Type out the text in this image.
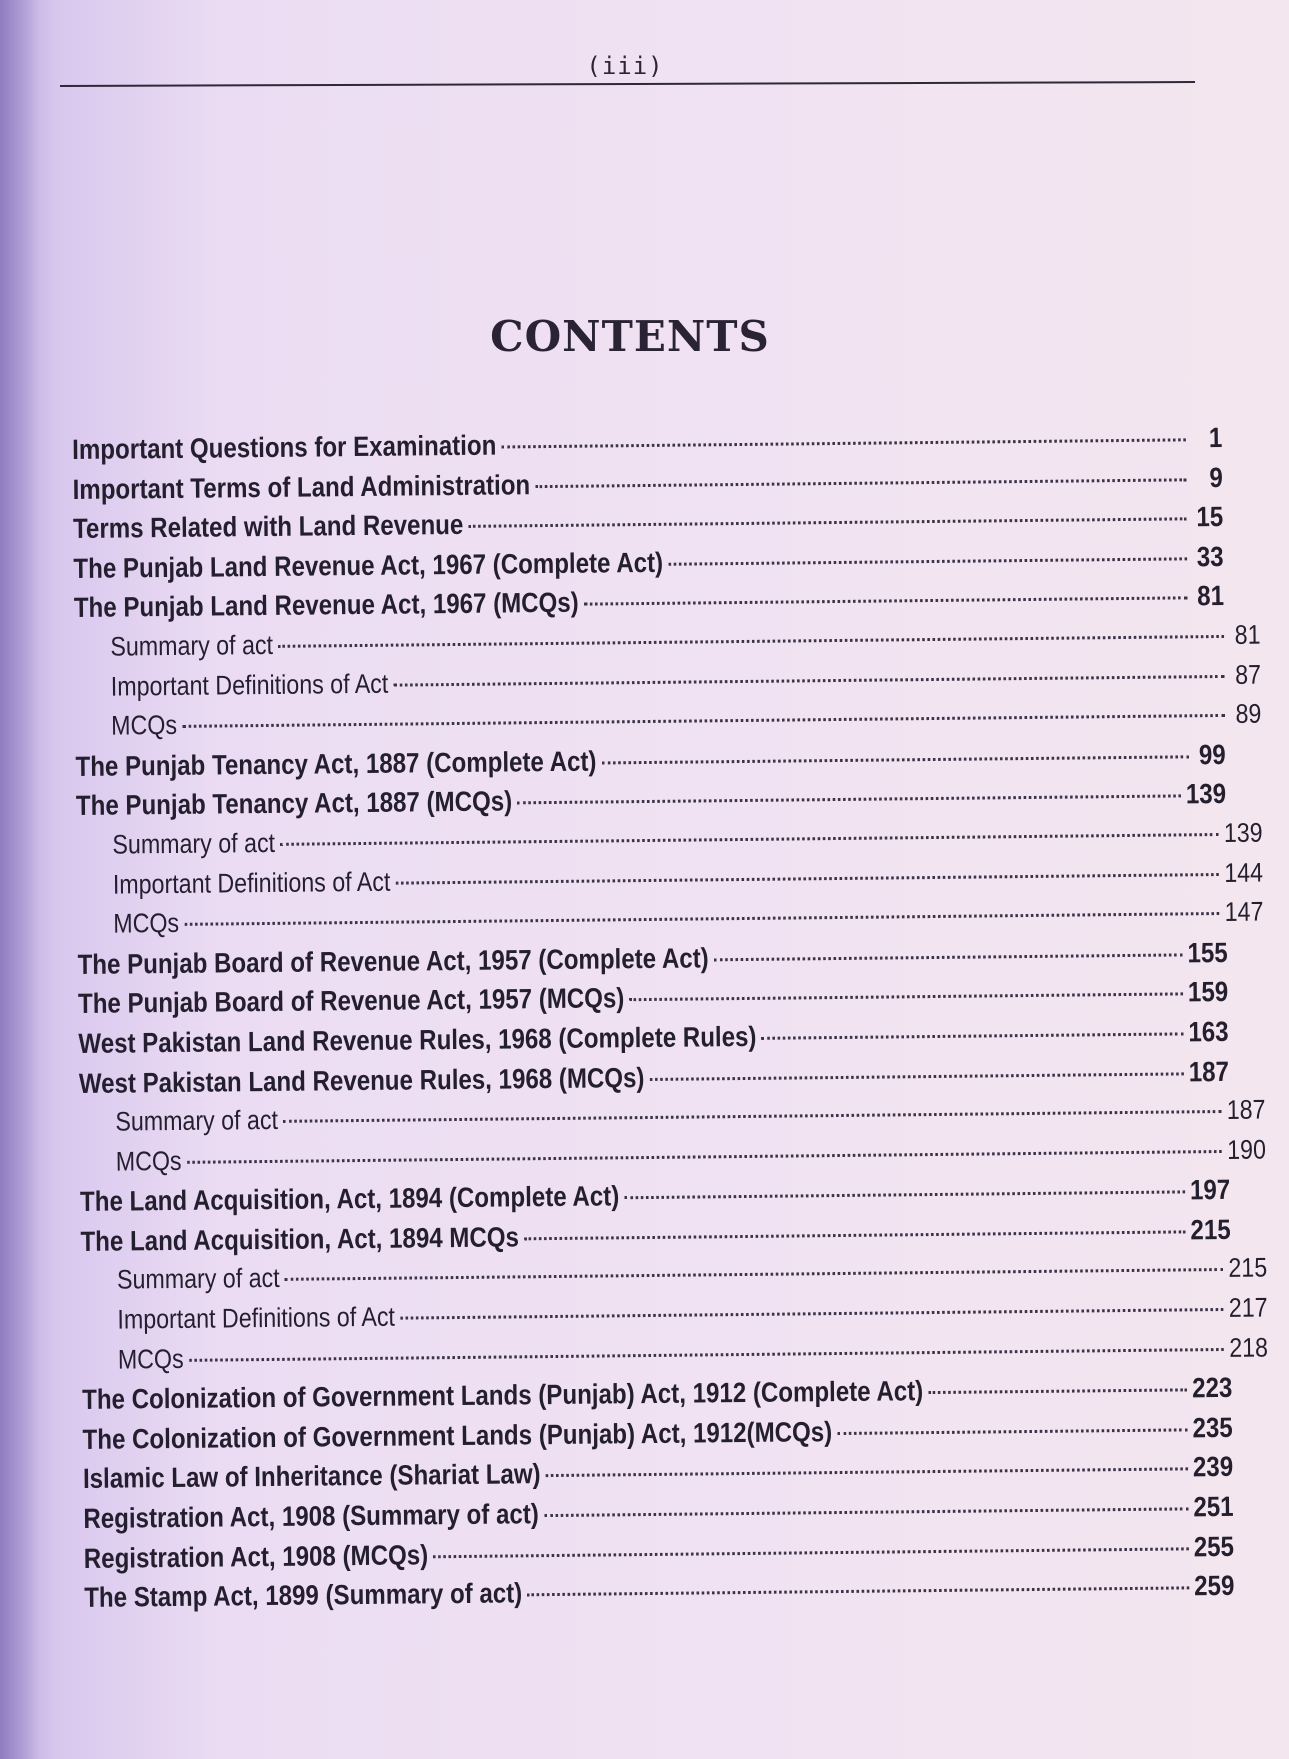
(iii)
CONTENTS
Important Questions for Examination	1
Important Terms of Land Administration	9
Terms Related with Land Revenue	15
The Punjab Land Revenue Act, 1967 (Complete Act)	33
The Punjab Land Revenue Act, 1967 (MCQs)	81
Summary of act	81
Important Definitions of Act	87
MCQs	89
The Punjab Tenancy Act, 1887 (Complete Act)	99
The Punjab Tenancy Act, 1887 (MCQs)	139
Summary of act	139
Important Definitions of Act	144
MCQs	147
The Punjab Board of Revenue Act, 1957 (Complete Act)	155
The Punjab Board of Revenue Act, 1957 (MCQs)	159
West Pakistan Land Revenue Rules, 1968 (Complete Rules)	163
West Pakistan Land Revenue Rules, 1968 (MCQs)	187
Summary of act	187
MCQs	190
The Land Acquisition, Act, 1894 (Complete Act)	197
The Land Acquisition, Act, 1894 MCQs	215
Summary of act	215
Important Definitions of Act	217
MCQs	218
The Colonization of Government Lands (Punjab) Act, 1912 (Complete Act)	223
The Colonization of Government Lands (Punjab) Act, 1912(MCQs)	235
Islamic Law of Inheritance (Shariat Law)	239
Registration Act, 1908 (Summary of act)	251
Registration Act, 1908 (MCQs)	255
The Stamp Act, 1899 (Summary of act)	259
